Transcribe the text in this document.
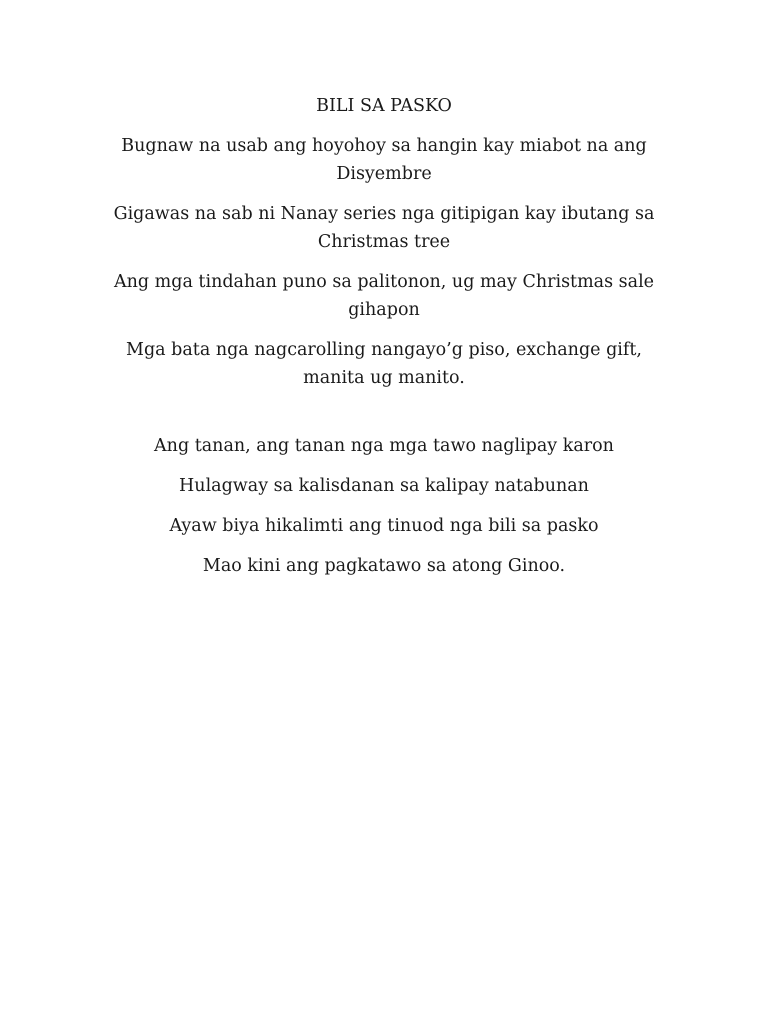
BILI SA PASKO

Bugnaw na usab ang hoyohoy sa hangin kay miabot na ang Disyembre

Gigawas na sab ni Nanay series nga gitipigan kay ibutang sa Christmas tree

Ang mga tindahan puno sa palitonon, ug may Christmas sale gihapon

Mga bata nga nagcarolling nangayo’g piso, exchange gift, manita ug manito.

Ang tanan, ang tanan nga mga tawo naglipay karon

Hulagway sa kalisdanan sa kalipay natabunan

Ayaw biya hikalimti ang tinuod nga bili sa pasko

Mao kini ang pagkatawo sa atong Ginoo.
